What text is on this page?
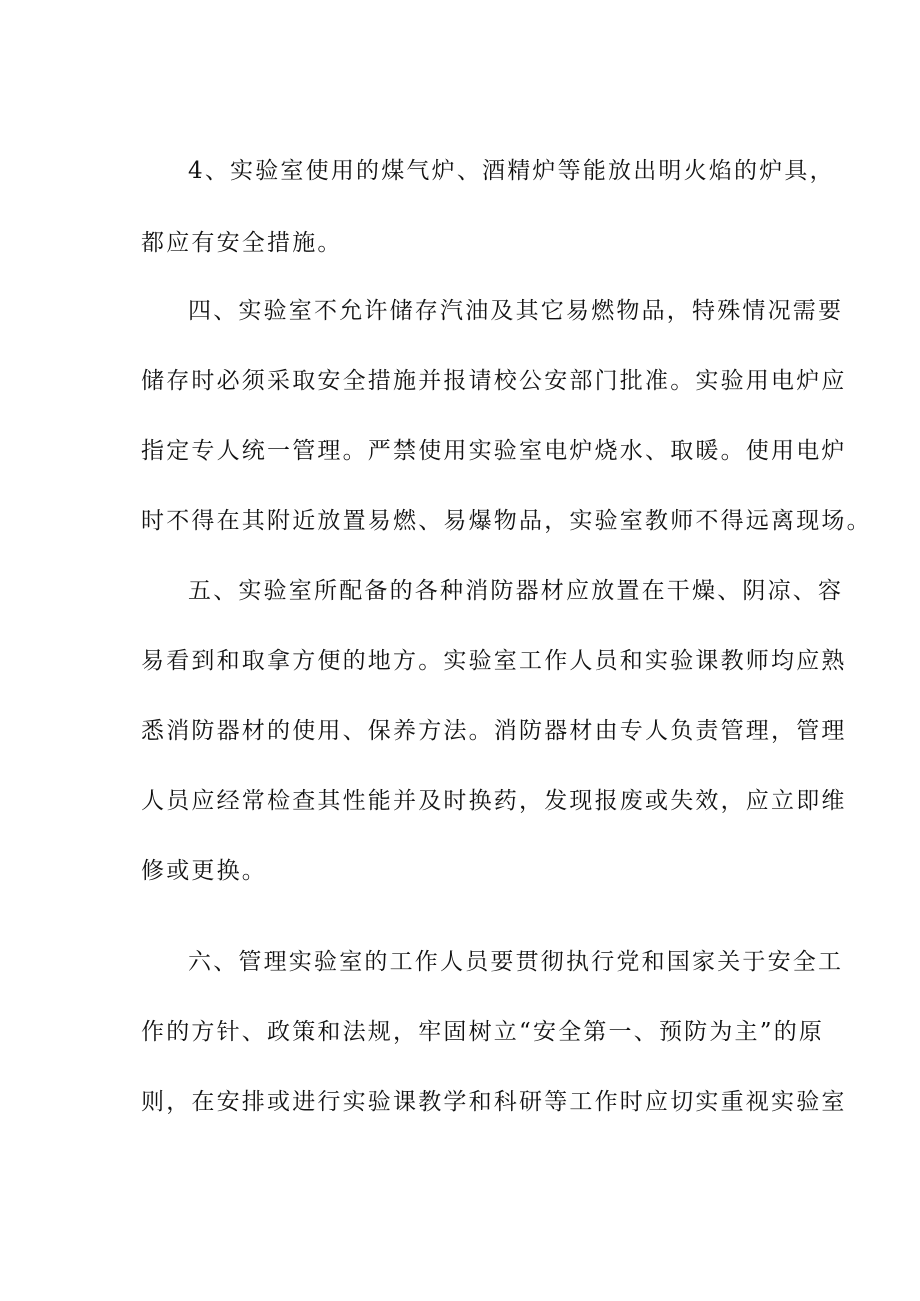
4、实验室使用的煤气炉、酒精炉等能放出明火焰的炉具，
都应有安全措施。
四、实验室不允许储存汽油及其它易燃物品，特殊情况需要
储存时必须采取安全措施并报请校公安部门批准。实验用电炉应
指定专人统一管理。严禁使用实验室电炉烧水、取暖。使用电炉
时不得在其附近放置易燃、易爆物品，实验室教师不得远离现场。
五、实验室所配备的各种消防器材应放置在干燥、阴凉、容
易看到和取拿方便的地方。实验室工作人员和实验课教师均应熟
悉消防器材的使用、保养方法。消防器材由专人负责管理，管理
人员应经常检查其性能并及时换药，发现报废或失效，应立即维
修或更换。
六、管理实验室的工作人员要贯彻执行党和国家关于安全工
作的方针、政策和法规，牢固树立“安全第一、预防为主”的原
则，在安排或进行实验课教学和科研等工作时应切实重视实验室
